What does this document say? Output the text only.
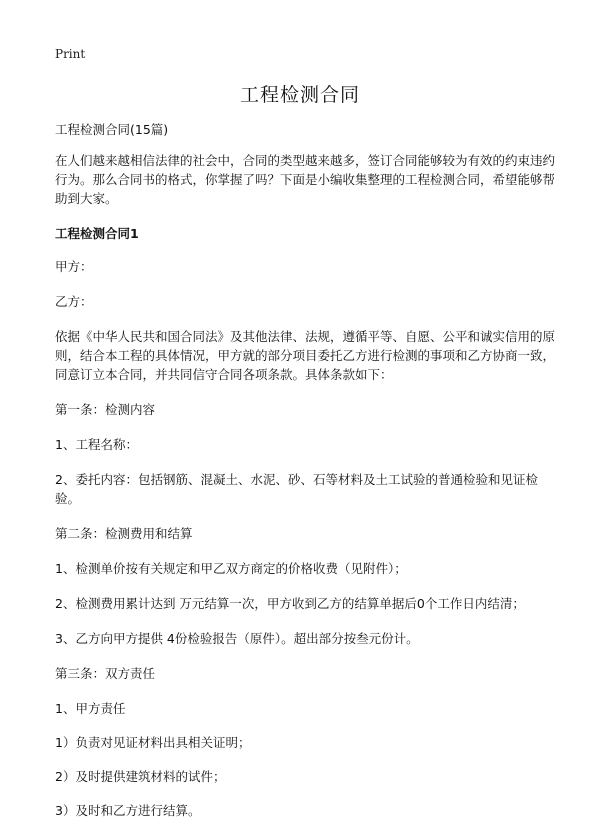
Print
工程检测合同

工程检测合同(15篇)

在人们越来越相信法律的社会中，合同的类型越来越多，签订合同能够较为有效的约束违约行为。那么合同书的格式，你掌握了吗？下面是小编收集整理的工程检测合同，希望能够帮助到大家。

工程检测合同1

甲方：

乙方：

依据《中华人民共和国合同法》及其他法律、法规，遵循平等、自愿、公平和诚实信用的原则，结合本工程的具体情况，甲方就的部分项目委托乙方进行检测的事项和乙方协商一致，同意订立本合同，并共同信守合同各项条款。具体条款如下：

第一条：检测内容

1、工程名称：

2、委托内容：包括钢筋、混凝土、水泥、砂、石等材料及土工试验的普通检验和见证检验。

第二条：检测费用和结算

1、检测单价按有关规定和甲乙双方商定的价格收费（见附件）；

2、检测费用累计达到 万元结算一次，甲方收到乙方的结算单据后0个工作日内结清；

3、乙方向甲方提供 4份检验报告（原件）。超出部分按叁元份计。

第三条：双方责任

1、甲方责任

1）负责对见证材料出具相关证明；

2）及时提供建筑材料的试件；

3）及时和乙方进行结算。
